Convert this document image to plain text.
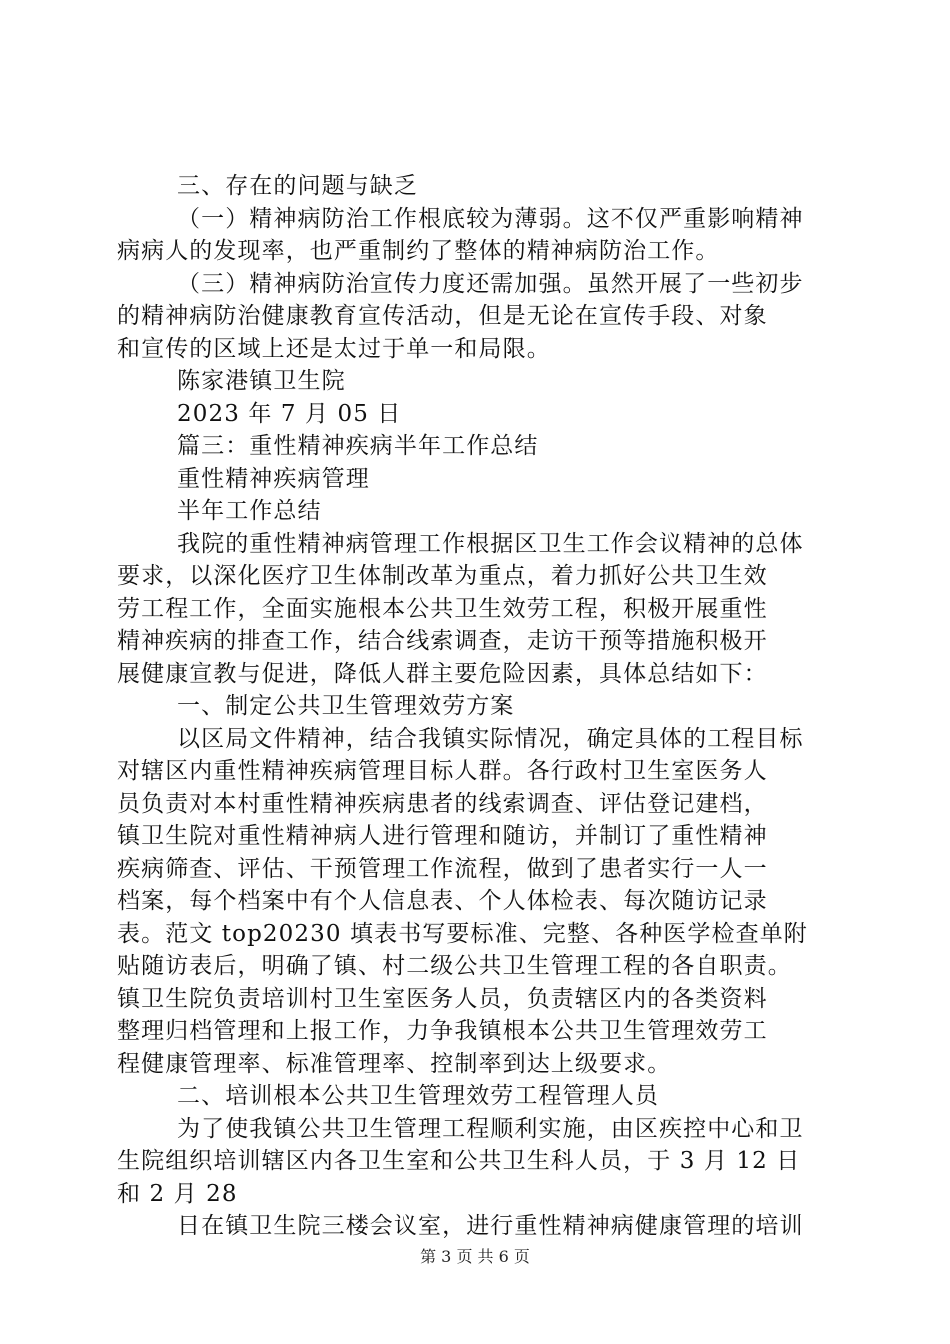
三、存在的问题与缺乏

（一）精神病防治工作根底较为薄弱。这不仅严重影响精神

病病人的发现率，也严重制约了整体的精神病防治工作。

（三）精神病防治宣传力度还需加强。虽然开展了一些初步

的精神病防治健康教育宣传活动，但是无论在宣传手段、对象

和宣传的区域上还是太过于单一和局限。

陈家港镇卫生院

2023 年 7 月 05 日

篇三：重性精神疾病半年工作总结

重性精神疾病管理

半年工作总结

我院的重性精神病管理工作根据区卫生工作会议精神的总体

要求，以深化医疗卫生体制改革为重点，着力抓好公共卫生效

劳工程工作，全面实施根本公共卫生效劳工程，积极开展重性

精神疾病的排查工作，结合线索调查，走访干预等措施积极开

展健康宣教与促进，降低人群主要危险因素，具体总结如下：

一、制定公共卫生管理效劳方案

以区局文件精神，结合我镇实际情况，确定具体的工程目标

对辖区内重性精神疾病管理目标人群。各行政村卫生室医务人

员负责对本村重性精神疾病患者的线索调查、评估登记建档，

镇卫生院对重性精神病人进行管理和随访，并制订了重性精神

疾病筛查、评估、干预管理工作流程，做到了患者实行一人一

档案，每个档案中有个人信息表、个人体检表、每次随访记录

表。范文 top20230 填表书写要标准、完整、各种医学检查单附

贴随访表后，明确了镇、村二级公共卫生管理工程的各自职责。

镇卫生院负责培训村卫生室医务人员，负责辖区内的各类资料

整理归档管理和上报工作，力争我镇根本公共卫生管理效劳工

程健康管理率、标准管理率、控制率到达上级要求。

二、培训根本公共卫生管理效劳工程管理人员

为了使我镇公共卫生管理工程顺利实施，由区疾控中心和卫

生院组织培训辖区内各卫生室和公共卫生科人员，于 3 月 12 日

和 2 月 28

日在镇卫生院三楼会议室，进行重性精神病健康管理的培训

第 3 页 共 6 页
